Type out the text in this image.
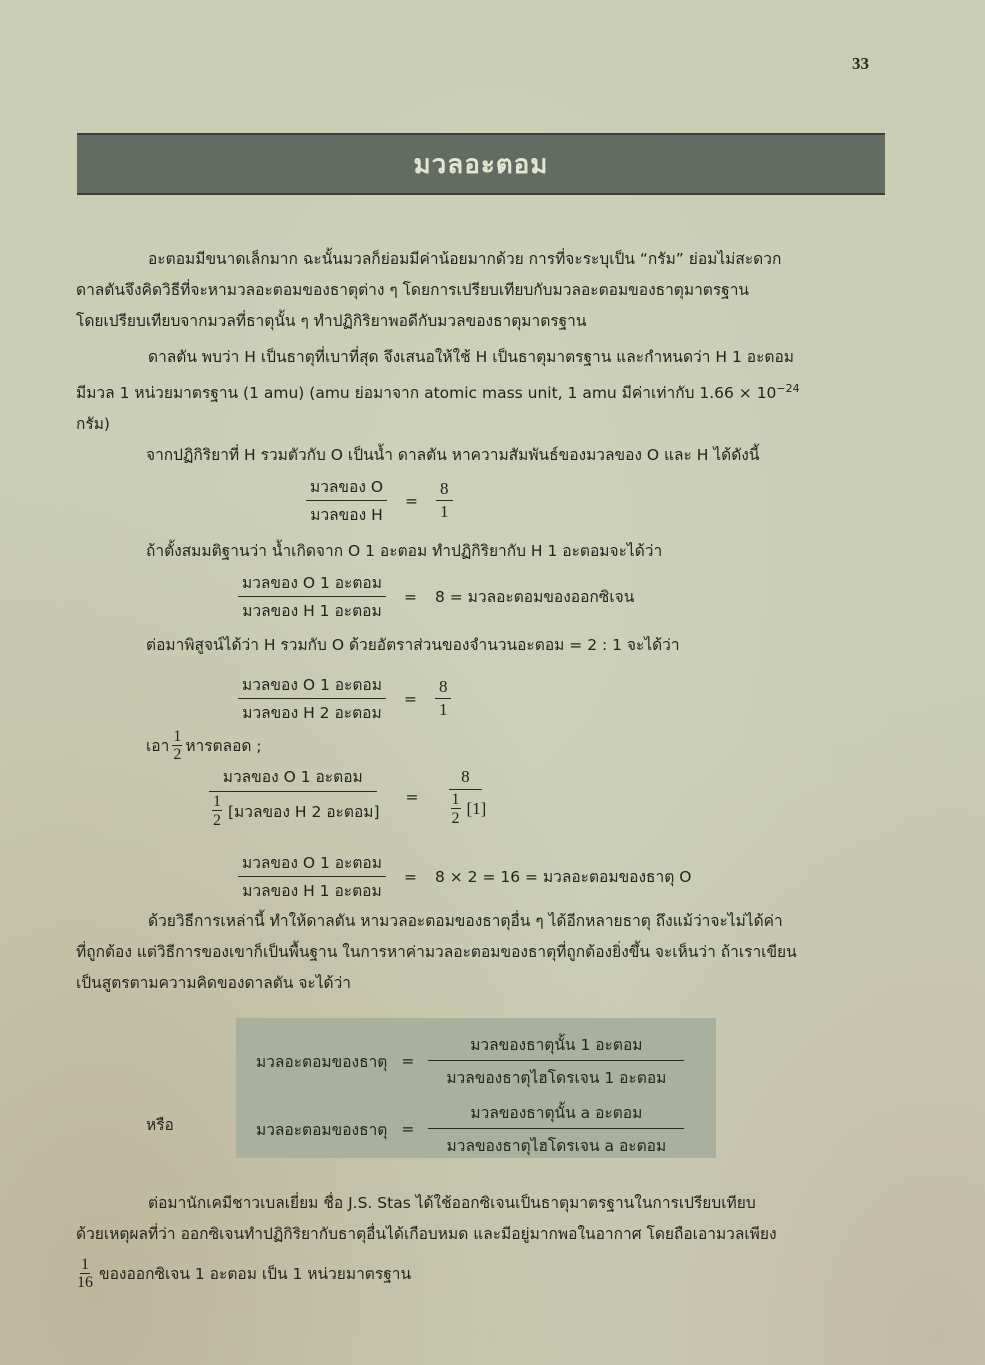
33
มวลอะตอม
อะตอมมีขนาดเล็กมาก ฉะนั้นมวลก็ย่อมมีค่าน้อยมากด้วย การที่จะระบุเป็น “กรัม” ย่อมไม่สะดวก
ดาลตันจึงคิดวิธีที่จะหามวลอะตอมของธาตุต่าง ๆ โดยการเปรียบเทียบกับมวลอะตอมของธาตุมาตรฐาน
โดยเปรียบเทียบจากมวลที่ธาตุนั้น ๆ ทำปฏิกิริยาพอดีกับมวลของธาตุมาตรฐาน
ดาลตัน พบว่า H เป็นธาตุที่เบาที่สุด จึงเสนอให้ใช้ H เป็นธาตุมาตรฐาน และกำหนดว่า H 1 อะตอม
มีมวล 1 หน่วยมาตรฐาน (1 amu) (amu ย่อมาจาก atomic mass unit, 1 amu มีค่าเท่ากับ $1.66 \times 10^{-24}$
กรัม)
จากปฏิกิริยาที่ H รวมตัวกับ O เป็นน้ำ ดาลตัน หาความสัมพันธ์ของมวลของ O และ H ได้ดังนี้
$\frac{\text{มวลของ O}}{\text{มวลของ H}} = \frac{8}{1}$
ถ้าตั้งสมมติฐานว่า น้ำเกิดจาก O 1 อะตอม ทำปฏิกิริยากับ H 1 อะตอมจะได้ว่า
$\frac{\text{มวลของ O 1 อะตอม}}{\text{มวลของ H 1 อะตอม}} = 8$ = มวลอะตอมของออกซิเจน
ต่อมาพิสูจน์ได้ว่า H รวมกับ O ด้วยอัตราส่วนของจำนวนอะตอม = 2 : 1 จะได้ว่า
$\frac{\text{มวลของ O 1 อะตอม}}{\text{มวลของ H 2 อะตอม}} = \frac{8}{1}$
เอา $\frac{1}{2}$ หารตลอด ;
$\frac{\text{มวลของ O 1 อะตอม}}{\frac{1}{2} [มวลของ H 2 อะตอม]} = \frac{8}{\frac{1}{2} [1]}$
$\frac{\text{มวลของ O 1 อะตอม}}{\text{มวลของ H 1 อะตอม}} = 8 \times 2 = 16$ = มวลอะตอมของธาตุ O
ด้วยวิธีการเหล่านี้ ทำให้ดาลตัน หามวลอะตอมของธาตุอื่น ๆ ได้อีกหลายธาตุ ถึงแม้ว่าจะไม่ได้ค่า
ที่ถูกต้อง แต่วิธีการของเขาก็เป็นพื้นฐาน ในการหาค่ามวลอะตอมของธาตุที่ถูกต้องยิ่งขึ้น จะเห็นว่า ถ้าเราเขียน
เป็นสูตรตามความคิดของดาลตัน จะได้ว่า
มวลอะตอมของธาตุ = $\frac{\text{มวลของธาตุนั้น 1 อะตอม}}{\text{มวลของธาตุไฮโดรเจน 1 อะตอม}}$
หรือ	มวลอะตอมของธาตุ = $\frac{\text{มวลของธาตุนั้น a อะตอม}}{\text{มวลของธาตุไฮโดรเจน a อะตอม}}$
ต่อมานักเคมีชาวเบลเยี่ยม ชื่อ J.S. Stas ได้ใช้ออกซิเจนเป็นธาตุมาตรฐานในการเปรียบเทียบ
ด้วยเหตุผลที่ว่า ออกซิเจนทำปฏิกิริยากับธาตุอื่นได้เกือบหมด และมีอยู่มากพอในอากาศ โดยถือเอามวลเพียง
$\frac{1}{16}$ ของออกซิเจน 1 อะตอม เป็น 1 หน่วยมาตรฐาน
